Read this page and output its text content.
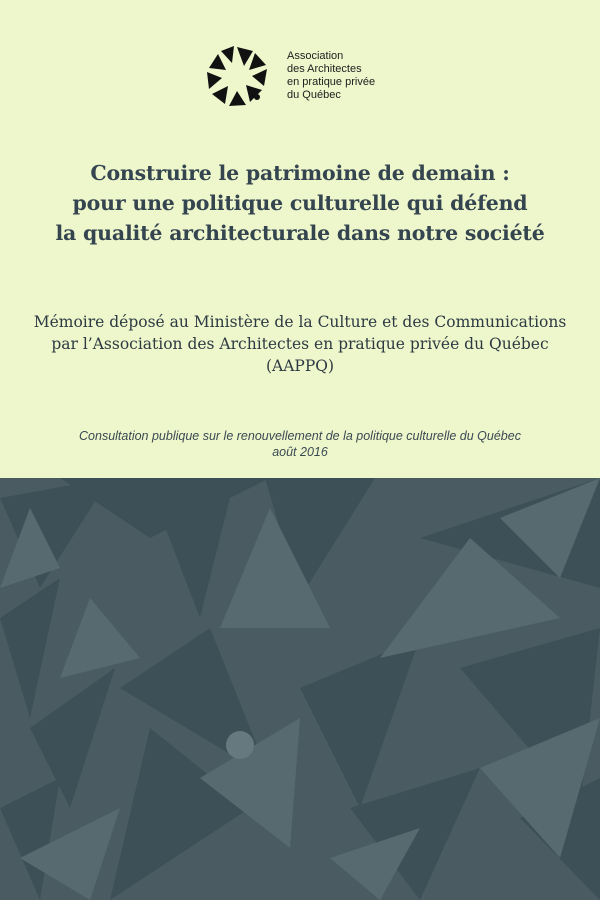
Association
des Architectes
en pratique privée
du Québec
Construire le patrimoine de demain :
pour une politique culturelle qui défend
la qualité architecturale dans notre société
Mémoire déposé au Ministère de la Culture et des Communications
par l’Association des Architectes en pratique privée du Québec
(AAPPQ)
Consultation publique sur le renouvellement de la politique culturelle du Québec
août 2016
